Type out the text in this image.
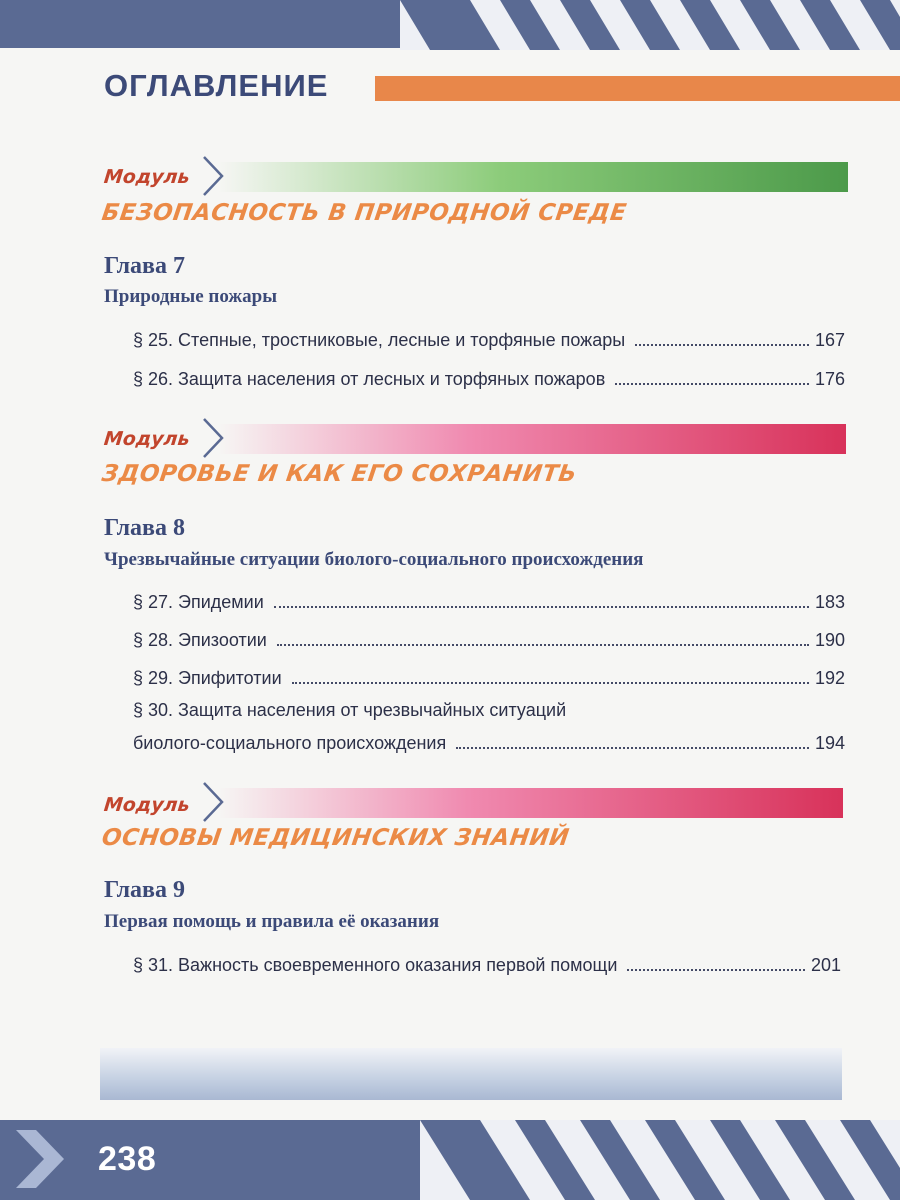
ОГЛАВЛЕНИЕ
Модуль
БЕЗОПАСНОСТЬ В ПРИРОДНОЙ СРЕДЕ
Глава 7
Природные пожары
§ 25. Степные, тростниковые, лесные и торфяные пожары	167
§ 26. Защита населения от лесных и торфяных пожаров	176
Модуль
ЗДОРОВЬЕ И КАК ЕГО СОХРАНИТЬ
Глава 8
Чрезвычайные ситуации биолого-социального происхождения
§ 27. Эпидемии	183
§ 28. Эпизоотии	190
§ 29. Эпифитотии	192
§ 30. Защита населения от чрезвычайных ситуаций
биолого-социального происхождения	194
Модуль
ОСНОВЫ МЕДИЦИНСКИХ ЗНАНИЙ
Глава 9
Первая помощь и правила её оказания
§ 31. Важность своевременного оказания первой помощи	201
238
